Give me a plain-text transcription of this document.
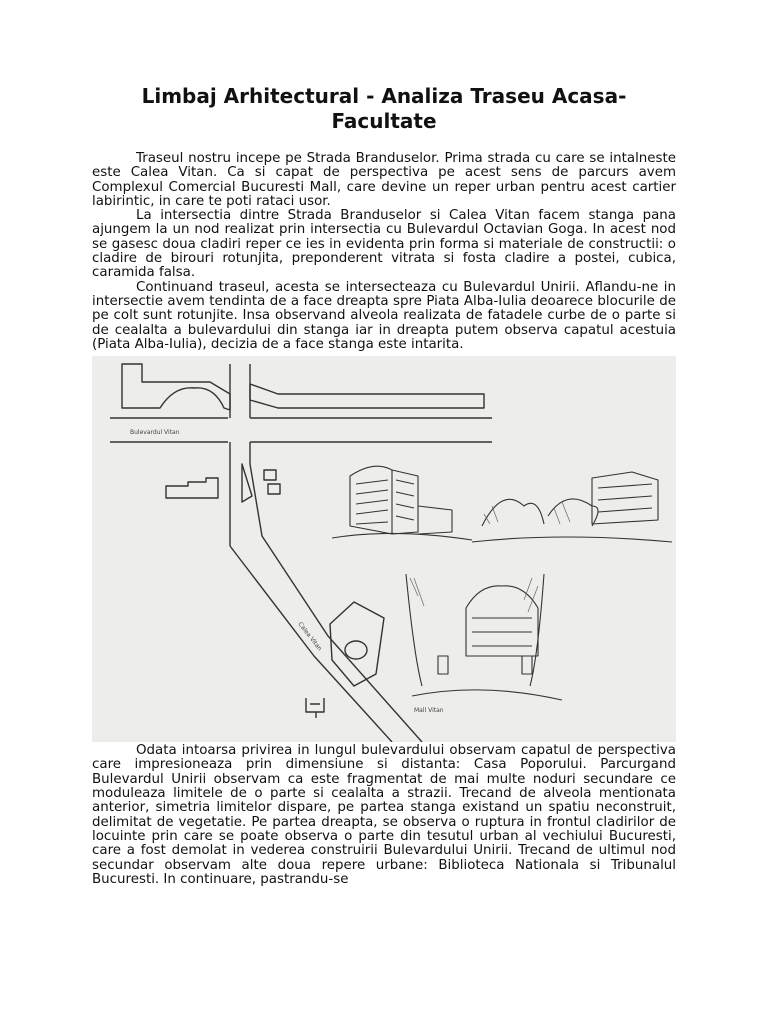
Limbaj Arhitectural - Analiza Traseu Acasa-Facultate

Traseul nostru incepe pe Strada Branduselor. Prima strada cu care se intalneste este Calea Vitan. Ca si capat de perspectiva pe acest sens de parcurs avem Complexul Comercial Bucuresti Mall, care devine un reper urban pentru acest cartier labirintic, in care te poti rataci usor.

La intersectia dintre Strada Branduselor si Calea Vitan facem stanga pana ajungem la un nod realizat prin intersectia cu Bulevardul Octavian Goga. In acest nod se gasesc doua cladiri reper ce ies in evidenta prin forma si materiale de constructii: o cladire de birouri rotunjita, preponderent vitrata si fosta cladire a postei, cubica, caramida falsa.

Continuand traseul, acesta se intersecteaza cu Bulevardul Unirii. Aflandu-ne in intersectie avem tendinta de a face dreapta spre Piata Alba-Iulia deoarece blocurile de pe colt sunt rotunjite. Insa observand alveola realizata de fatadele curbe de o parte si de cealalta a bulevardului din stanga iar in dreapta putem observa capatul acestuia (Piata Alba-Iulia), decizia de a face stanga este intarita.

Bulevardul Vitan
Calea Vitan
Mall Vitan

Odata intoarsa privirea in lungul bulevardului observam capatul de perspectiva care impresioneaza prin dimensiune si distanta: Casa Poporului. Parcurgand Bulevardul Unirii observam ca este fragmentat de mai multe noduri secundare ce moduleaza limitele de o parte si cealalta a strazii. Trecand de alveola mentionata anterior, simetria limitelor dispare, pe partea stanga existand un spatiu neconstruit, delimitat de vegetatie. Pe partea dreapta, se observa o ruptura in frontul cladirilor de locuinte prin care se poate observa o parte din tesutul urban al vechiului Bucuresti, care a fost demolat in vederea construirii Bulevardului Unirii. Trecand de ultimul nod secundar observam alte doua repere urbane: Biblioteca Nationala si Tribunalul Bucuresti. In continuare, pastrandu-se
